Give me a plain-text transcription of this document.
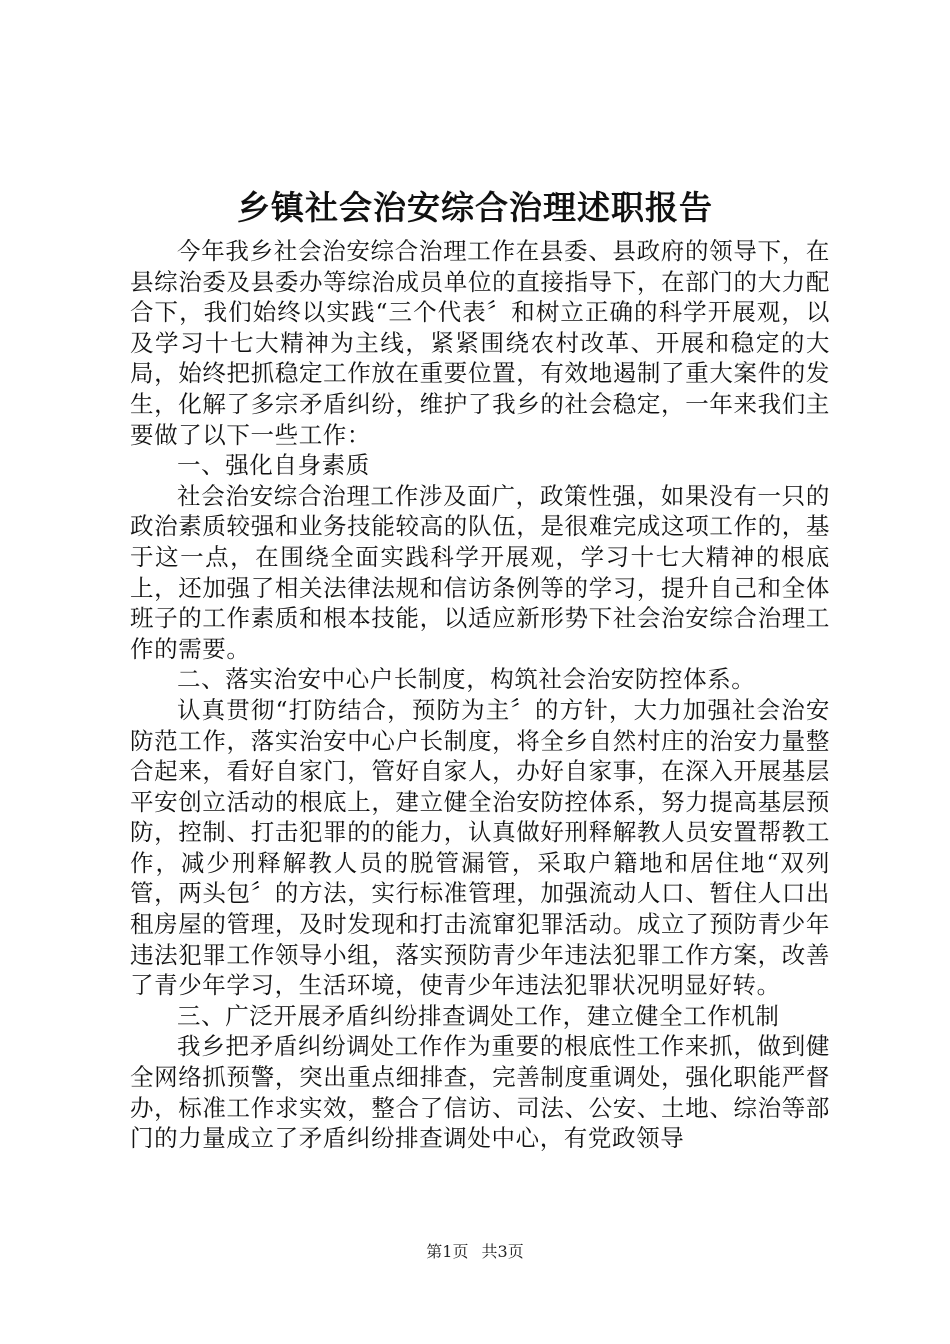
乡镇社会治安综合治理述职报告

今年我乡社会治安综合治理工作在县委、县政府的领导下，在县综治委及县委办等综治成员单位的直接指导下，在部门的大力配合下，我们始终以实践“三个代表〞和树立正确的科学开展观，以及学习十七大精神为主线，紧紧围绕农村改革、开展和稳定的大局，始终把抓稳定工作放在重要位置，有效地遏制了重大案件的发生，化解了多宗矛盾纠纷，维护了我乡的社会稳定，一年来我们主要做了以下一些工作：

一、强化自身素质

社会治安综合治理工作涉及面广，政策性强，如果没有一只的政治素质较强和业务技能较高的队伍，是很难完成这项工作的，基于这一点，在围绕全面实践科学开展观，学习十七大精神的根底上，还加强了相关法律法规和信访条例等的学习，提升自己和全体班子的工作素质和根本技能，以适应新形势下社会治安综合治理工作的需要。

二、落实治安中心户长制度，构筑社会治安防控体系。

认真贯彻“打防结合，预防为主〞的方针，大力加强社会治安防范工作，落实治安中心户长制度，将全乡自然村庄的治安力量整合起来，看好自家门，管好自家人，办好自家事，在深入开展基层平安创立活动的根底上，建立健全治安防控体系，努力提高基层预防，控制、打击犯罪的的能力，认真做好刑释解教人员安置帮教工作，减少刑释解教人员的脱管漏管，采取户籍地和居住地“双列管，两头包〞的方法，实行标准管理，加强流动人口、暂住人口出租房屋的管理，及时发现和打击流窜犯罪活动。成立了预防青少年违法犯罪工作领导小组，落实预防青少年违法犯罪工作方案，改善了青少年学习，生活环境，使青少年违法犯罪状况明显好转。

三、广泛开展矛盾纠纷排查调处工作，建立健全工作机制

我乡把矛盾纠纷调处工作作为重要的根底性工作来抓，做到健全网络抓预警，突出重点细排查，完善制度重调处，强化职能严督办，标准工作求实效，整合了信访、司法、公安、土地、综治等部门的力量成立了矛盾纠纷排查调处中心，有党政领导

第1页 共3页
